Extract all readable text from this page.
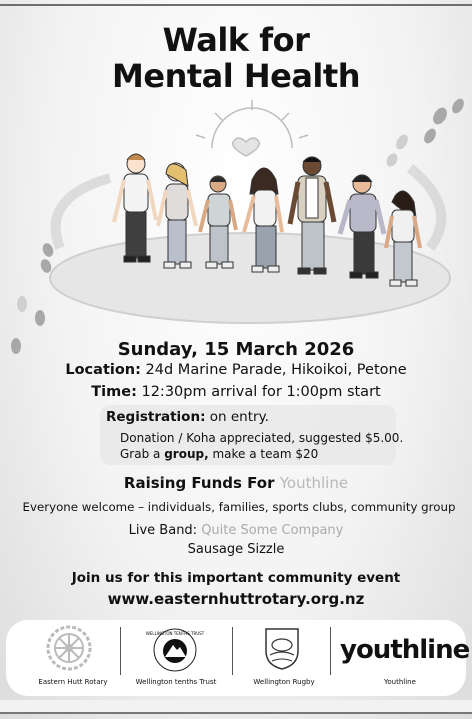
Walk for
Mental Health
Sunday, 15 March 2026
Location: 24d Marine Parade, Hikoikoi, Petone
Time: 12:30pm arrival for 1:00pm start
Registration: on entry.
Donation / Koha appreciated, suggested $5.00.
Grab a group, make a team $20
Raising Funds For Youthline
Everyone welcome – individuals, families, sports clubs, community group
Live Band: Quite Some Company
Sausage Sizzle
Join us for this important community event
www.easternhuttrotary.org.nz
Eastern Hutt Rotary
WELLINGTON TENTHS TRUST
Wellington tenths Trust	Wellington Rugby
youthline
Youthline
